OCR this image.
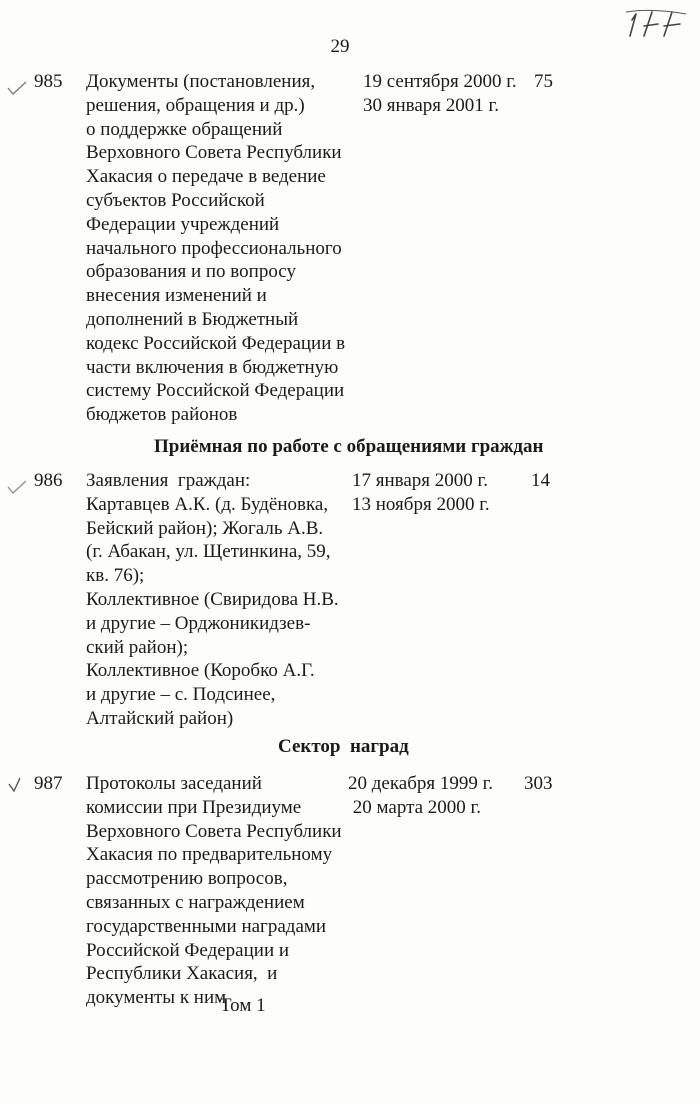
29
985 Документы (постановления,
решения, обращения и др.)
о поддержке обращений
Верховного Совета Республики
Хакасия о передаче в ведение
субъектов Российской
Федерации учреждений
начального профессионального
образования и по вопросу
внесения изменений и
дополнений в Бюджетный
кодекс Российской Федерации в
части включения в бюджетную
систему Российской Федерации
бюджетов районов
19 сентября 2000 г.
30 января 2001 г.
75
Приёмная по работе с обращениями граждан
986 Заявления  граждан:
Картавцев А.К. (д. Будёновка,
Бейский район); Жогаль А.В.
(г. Абакан, ул. Щетинкина, 59,
кв. 76);
Коллективное (Свиридова Н.В.
и другие – Орджоникидзев-
ский район);
Коллективное (Коробко А.Г.
и другие – с. Подсинее,
Алтайский район)
17 января 2000 г.
13 ноября 2000 г.
14
Сектор  наград
987 Протоколы заседаний
комиссии при Президиуме
Верховного Совета Республики
Хакасия по предварительному
рассмотрению вопросов,
связанных с награждением
государственными наградами
Российской Федерации и
Республики Хакасия,  и
документы к ним
20 декабря 1999 г.
20 марта 2000 г.
303
Том 1
